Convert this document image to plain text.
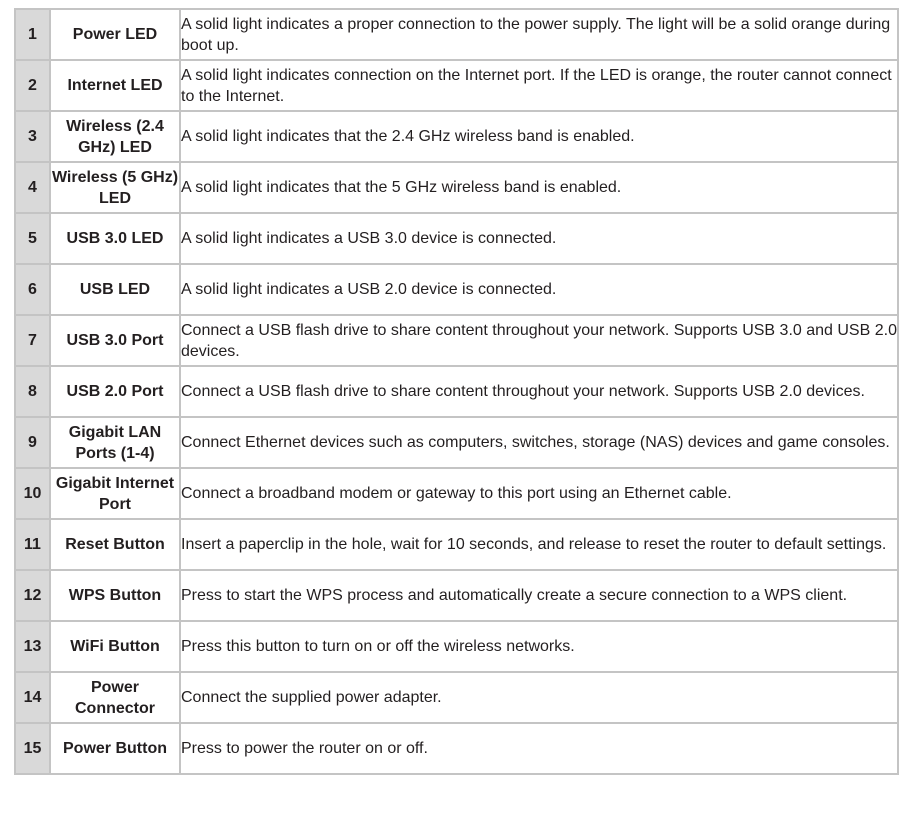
1	Power LED	A solid light indicates a proper connection to the power supply. The light will be a solid orange during boot up.
2	Internet LED	A solid light indicates connection on the Internet port. If the LED is orange, the router cannot connect to the Internet.
3	Wireless (2.4 GHz) LED	A solid light indicates that the 2.4 GHz wireless band is enabled.
4	Wireless (5 GHz) LED	A solid light indicates that the 5 GHz wireless band is enabled.
5	USB 3.0 LED	A solid light indicates a USB 3.0 device is connected.
6	USB LED	A solid light indicates a USB 2.0 device is connected.
7	USB 3.0 Port	Connect a USB flash drive to share content throughout your network. Supports USB 3.0 and USB 2.0 devices.
8	USB 2.0 Port	Connect a USB flash drive to share content throughout your network. Supports USB 2.0 devices.
9	Gigabit LAN Ports (1-4)	Connect Ethernet devices such as computers, switches, storage (NAS) devices and game consoles.
10	Gigabit Internet Port	Connect a broadband modem or gateway to this port using an Ethernet cable.
11	Reset Button	Insert a paperclip in the hole, wait for 10 seconds, and release to reset the router to default settings.
12	WPS Button	Press to start the WPS process and automatically create a secure connection to a WPS client.
13	WiFi Button	Press this button to turn on or off the wireless networks.
14	Power Connector	Connect the supplied power adapter.
15	Power Button	Press to power the router on or off.
